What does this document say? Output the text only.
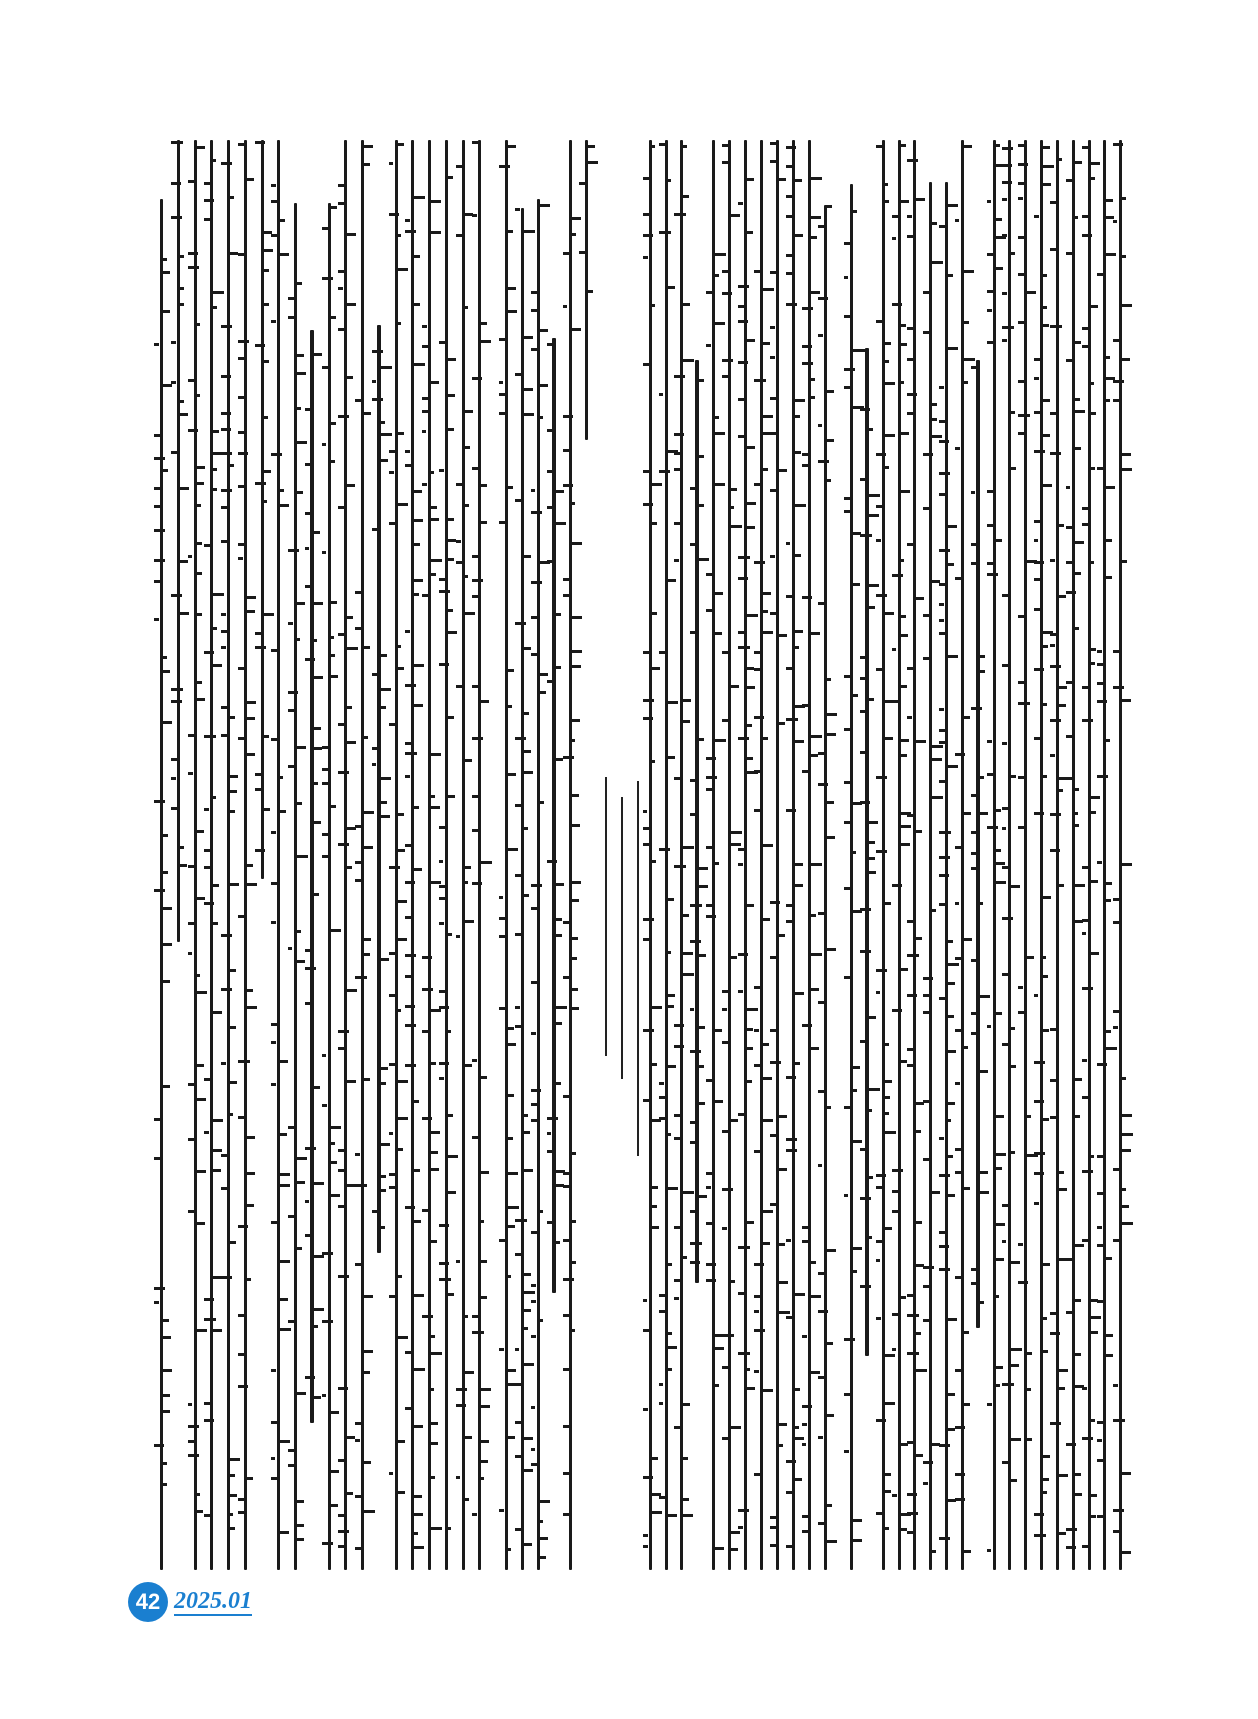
42 2025.01
